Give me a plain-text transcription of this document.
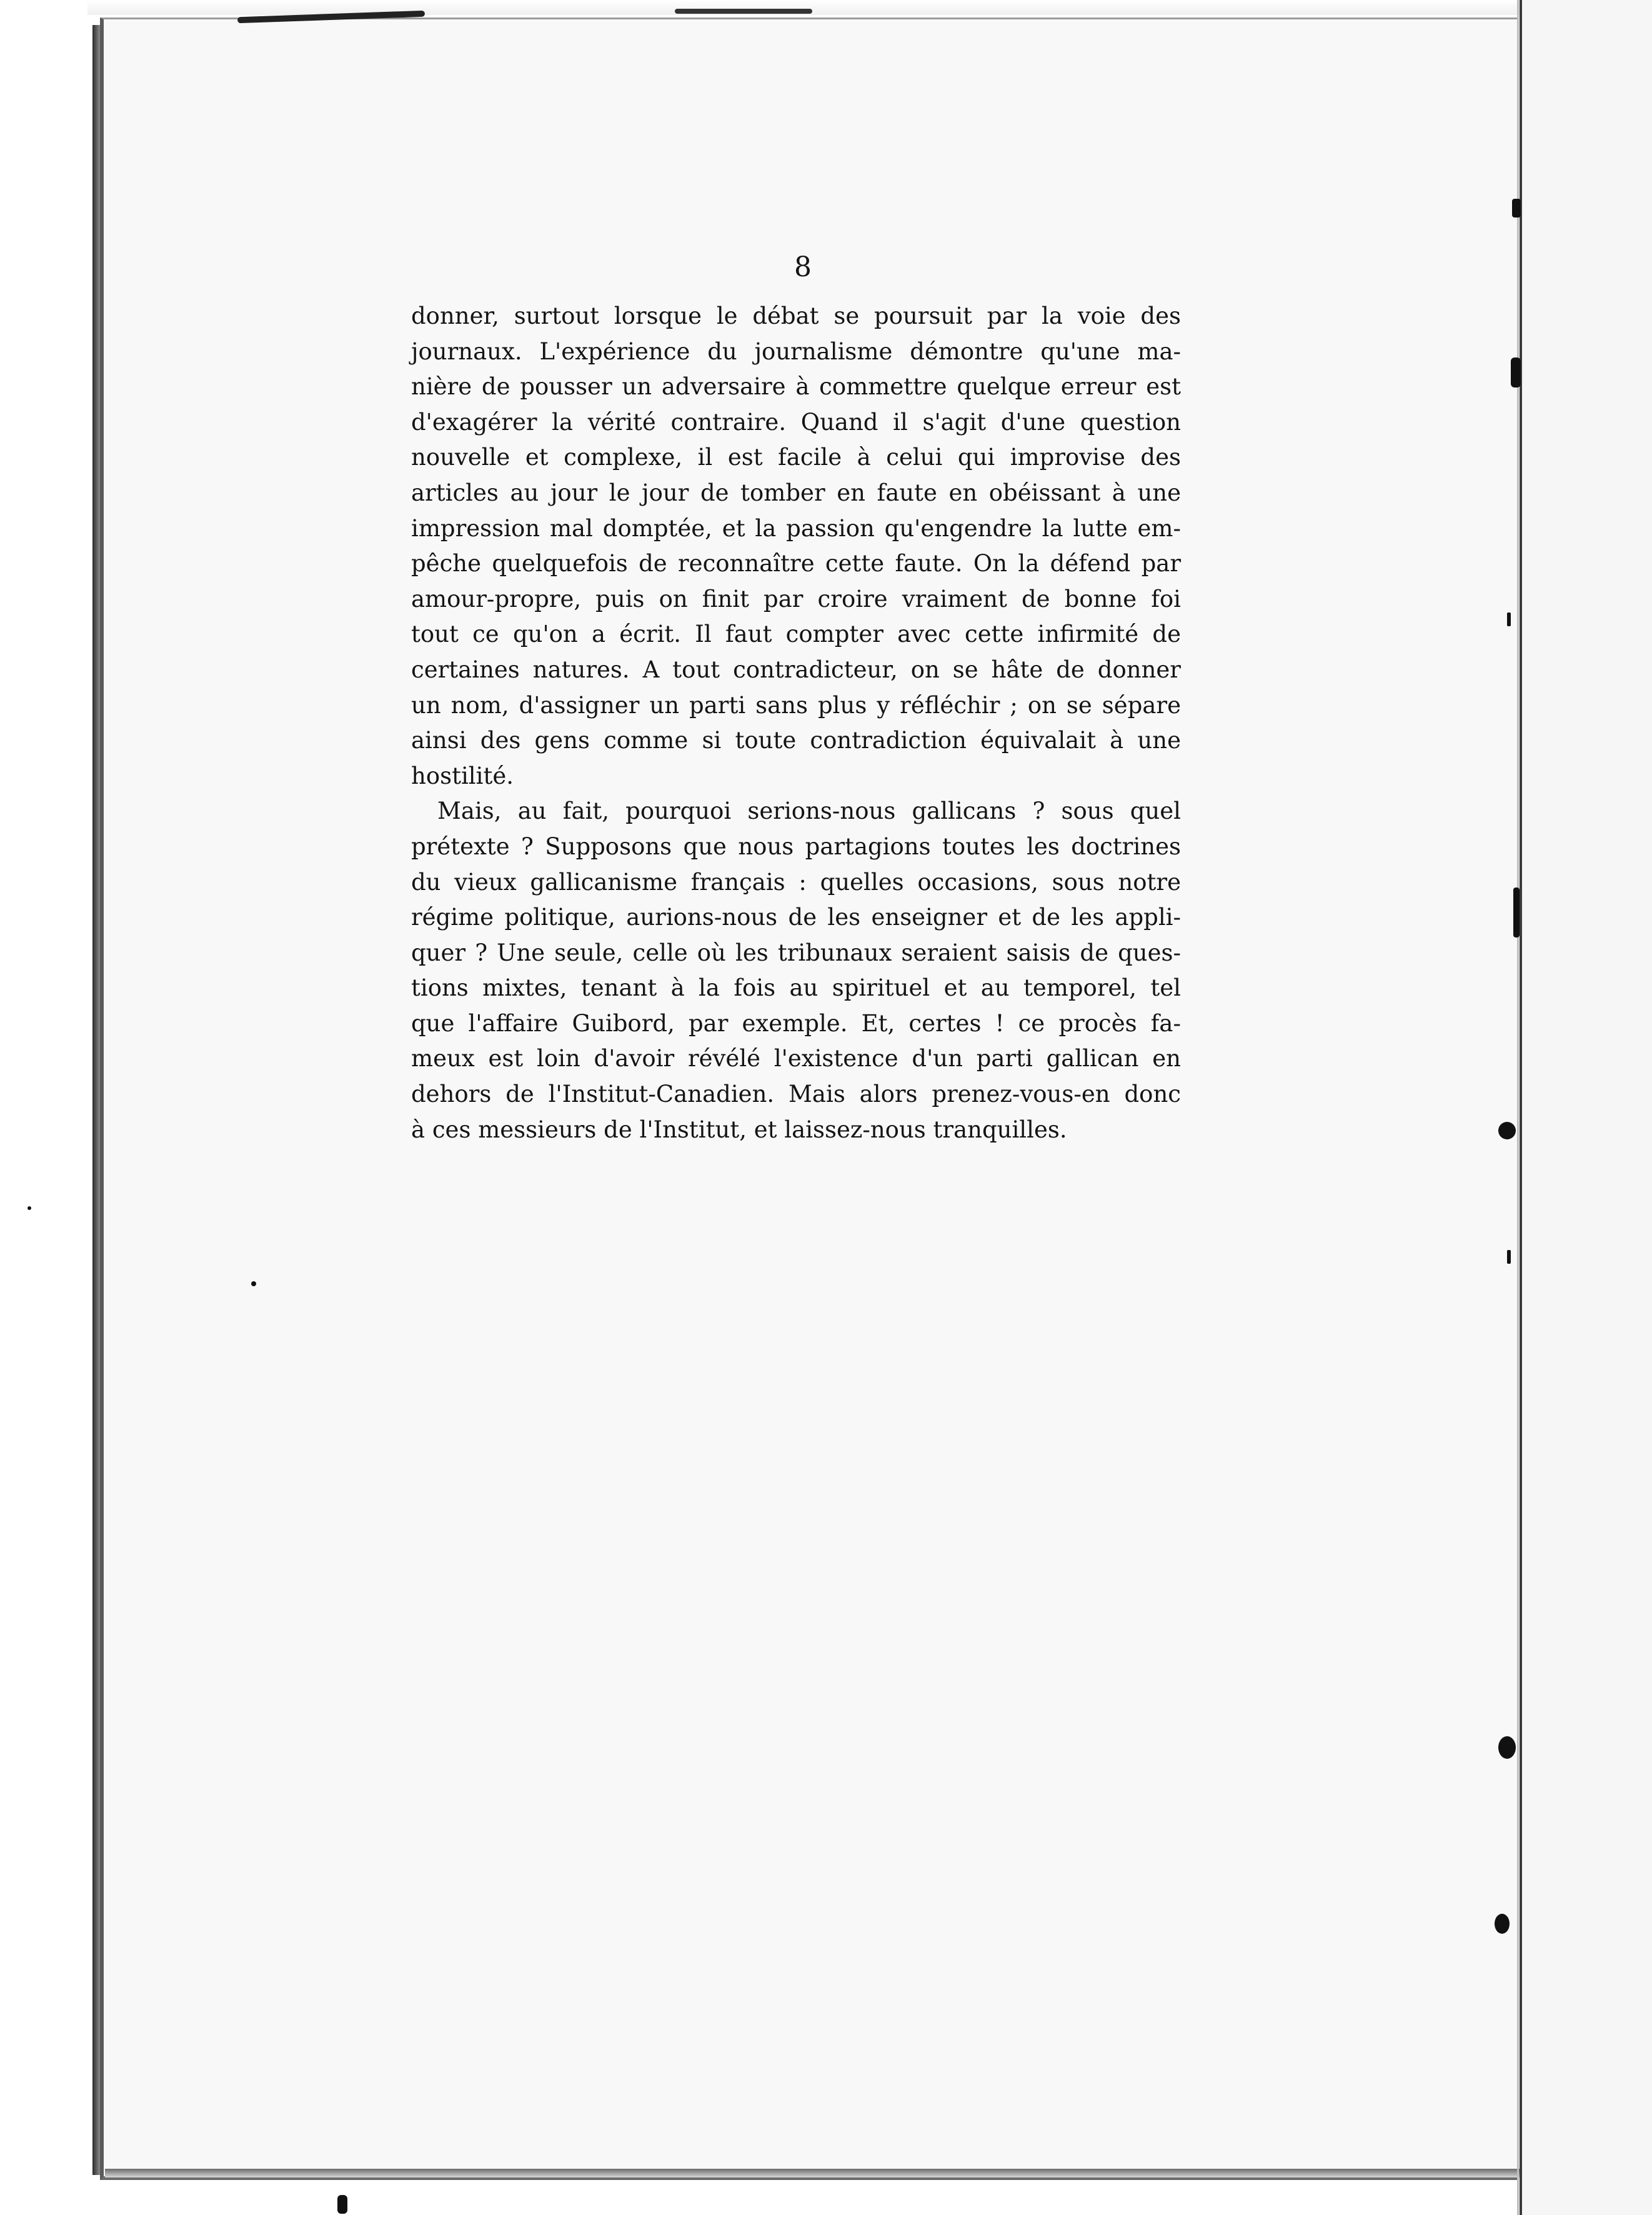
8
donner, surtout lorsque le débat se poursuit par la voie des
journaux. L'expérience du journalisme démontre qu'une ma-
nière de pousser un adversaire à commettre quelque erreur est
d'exagérer la vérité contraire. Quand il s'agit d'une question
nouvelle et complexe, il est facile à celui qui improvise des
articles au jour le jour de tomber en faute en obéissant à une
impression mal domptée, et la passion qu'engendre la lutte em-
pêche quelquefois de reconnaître cette faute. On la défend par
amour-propre, puis on finit par croire vraiment de bonne foi
tout ce qu'on a écrit. Il faut compter avec cette infirmité de
certaines natures. A tout contradicteur, on se hâte de donner
un nom, d'assigner un parti sans plus y réfléchir ; on se sépare
ainsi des gens comme si toute contradiction équivalait à une
hostilité.
Mais, au fait, pourquoi serions-nous gallicans ? sous quel
prétexte ? Supposons que nous partagions toutes les doctrines
du vieux gallicanisme français : quelles occasions, sous notre
régime politique, aurions-nous de les enseigner et de les appli-
quer ? Une seule, celle où les tribunaux seraient saisis de ques-
tions mixtes, tenant à la fois au spirituel et au temporel, tel
que l'affaire Guibord, par exemple. Et, certes ! ce procès fa-
meux est loin d'avoir révélé l'existence d'un parti gallican en
dehors de l'Institut-Canadien. Mais alors prenez-vous-en donc
à ces messieurs de l'Institut, et laissez-nous tranquilles.
